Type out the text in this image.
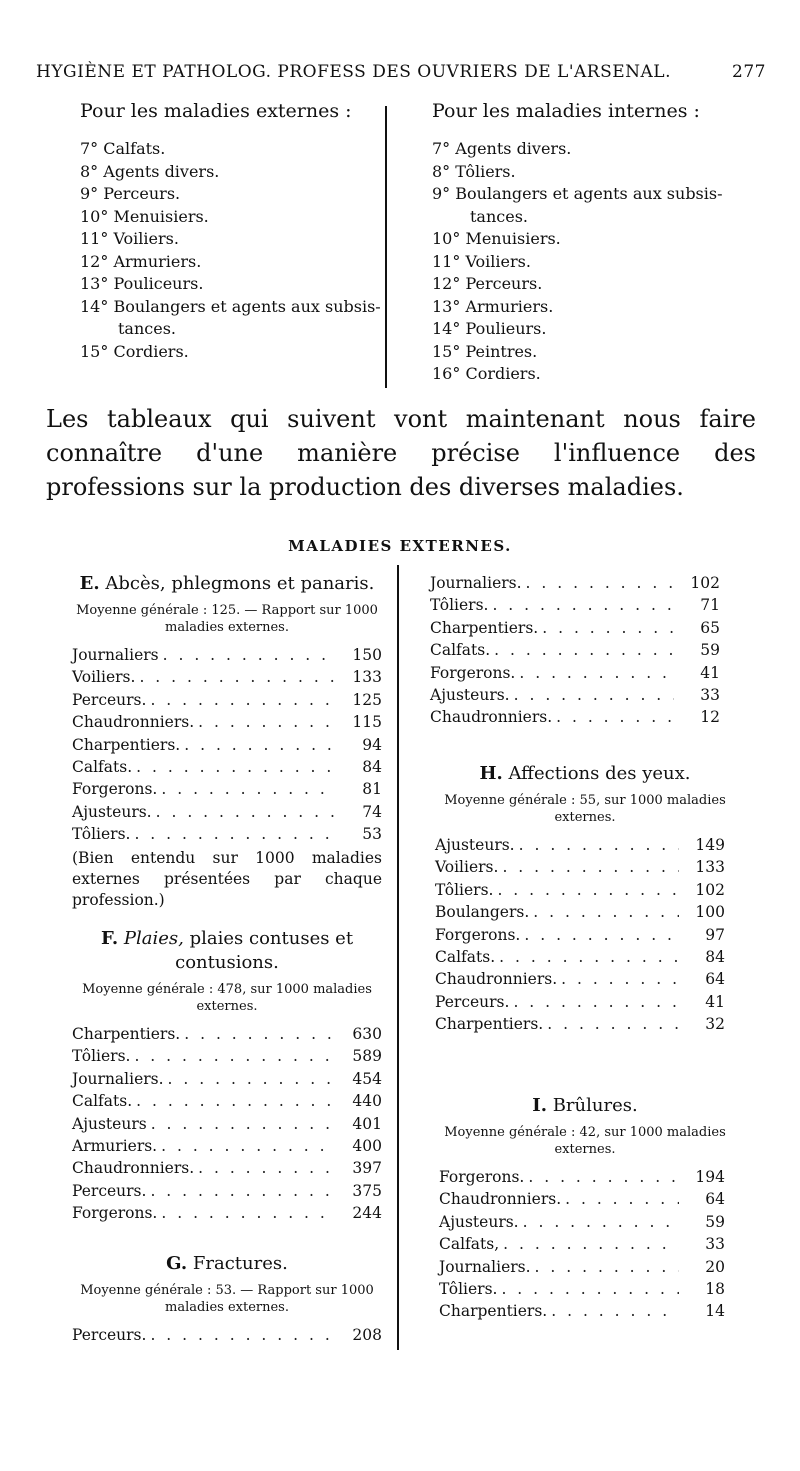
HYGIÈNE ET PATHOLOG. PROFESS DES OUVRIERS DE L'ARSENAL.	277
Pour les maladies externes :
7° Calfats.
8° Agents divers.
9° Perceurs.
10° Menuisiers.
11° Voiliers.
12° Armuriers.
13° Pouliceurs.
14° Boulangers et agents aux subsis-
tances.
15° Cordiers.
Pour les maladies internes :
7° Agents divers.
8° Tôliers.
9° Boulangers et agents aux subsis-
tances.
10° Menuisiers.
11° Voiliers.
12° Perceurs.
13° Armuriers.
14° Poulieurs.
15° Peintres.
16° Cordiers.
Les tableaux qui suivent vont maintenant nous faire connaître d'une manière précise l'influence des professions sur la production des diverses maladies.
MALADIES EXTERNES.
E. Abcès, phlegmons et panaris.
Moyenne générale : 125. — Rapport sur 1000 maladies externes.
Journaliers . . .	150
Voiliers. . . .	133
Perceurs. . . .	125
Chaudronniers. . . .	115
Charpentiers. . . .	94
Calfats. . . .	84
Forgerons. . . .	81
Ajusteurs. . . .	74
Tôliers. . . .	53
(Bien entendu sur 1000 maladies externes présentées par chaque profession.)
F. Plaies, plaies contuses et contusions.
Moyenne générale : 478, sur 1000 maladies externes.
Charpentiers. . . .	630
Tôliers. . . .	589
Journaliers. . . .	454
Calfats. . . .	440
Ajusteurs . . .	401
Armuriers. . . .	400
Chaudronniers. . . .	397
Perceurs. . . .	375
Forgerons. . . .	244
G. Fractures.
Moyenne générale : 53. — Rapport sur 1000 maladies externes.
Perceurs. . . .	208
Journaliers. . . .	102
Tôliers. . . .	71
Charpentiers. . . .	65
Calfats. . . .	59
Forgerons. . . .	41
Ajusteurs. . . .	33
Chaudronniers. . . .	12
H. Affections des yeux.
Moyenne générale : 55, sur 1000 maladies externes.
Ajusteurs. . . .	149
Voiliers. . . .	133
Tôliers. . . .	102
Boulangers. . . .	100
Forgerons. . . .	97
Calfats. . . .	84
Chaudronniers. . . .	64
Perceurs. . . .	41
Charpentiers. . . .	32
I. Brûlures.
Moyenne générale : 42, sur 1000 maladies externes.
Forgerons. . . .	194
Chaudronniers. . . .	64
Ajusteurs. . . .	59
Calfats, . . .	33
Journaliers. . . .	20
Tôliers. . . .	18
Charpentiers. . . .	14
